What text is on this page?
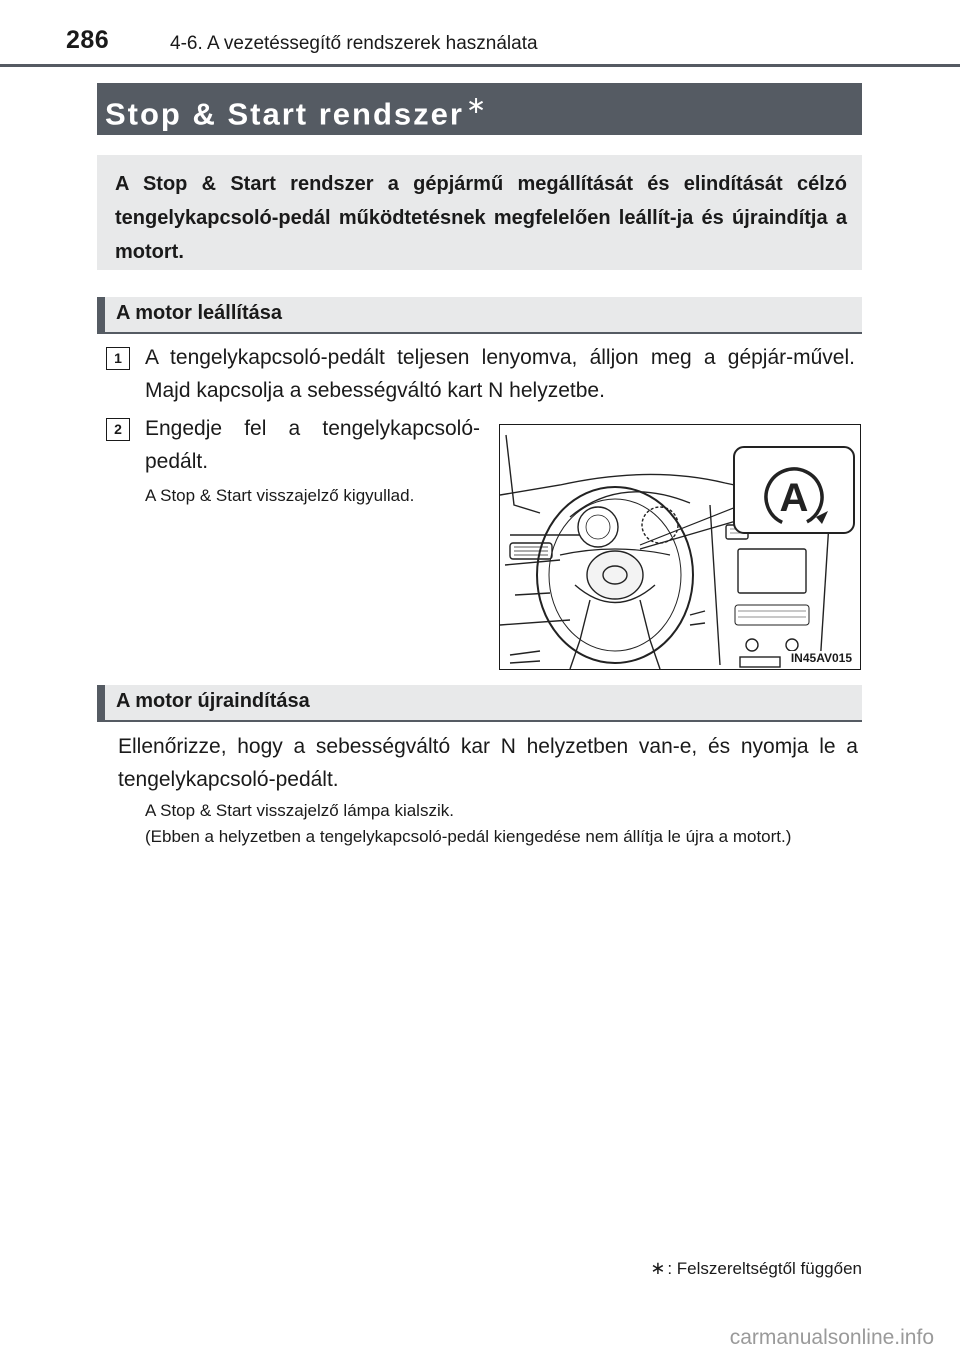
286	4-6. A vezetéssegítő rendszerek használata
Stop & Start rendszer∗

A Stop & Start rendszer a gépjármű megállítását és elindítását célzó tengelykapcsoló-pedál működtetésnek megfelelően leállít-ja és újraindítja a motort.

A motor leállítása
1	A tengelykapcsoló-pedált teljesen lenyomva, álljon meg a gépjár-művel. Majd kapcsolja a sebességváltó kart N helyzetbe.

2	Engedje fel a tengelykapcsoló-pedált.

A Stop & Start visszajelző kigyullad.	A
IN45AV015
A motor újraindítása

Ellenőrizze, hogy a sebességváltó kar N helyzetben van-e, és nyomja le a tengelykapcsoló-pedált.

A Stop & Start visszajelző lámpa kialszik.

(Ebben a helyzetben a tengelykapcsoló-pedál kiengedése nem állítja le újra a motort.)

∗ : Felszereltségtől függően
carmanualsonline.info
